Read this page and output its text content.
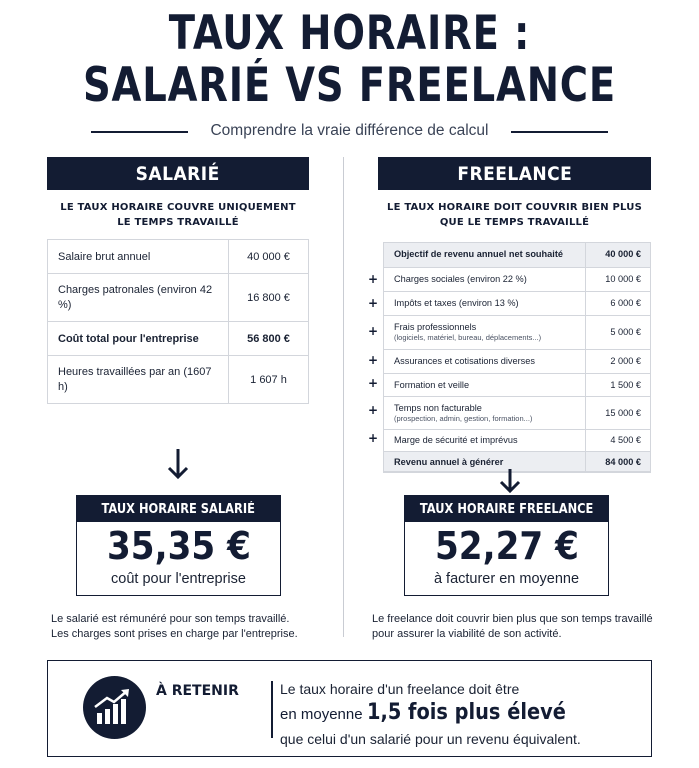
TAUX HORAIRE :
SALARIÉ VS FREELANCE
Comprendre la vraie différence de calcul
SALARIÉ
LE TAUX HORAIRE COUVRE UNIQUEMENT
LE TEMPS TRAVAILLÉ
Salaire brut annuel	40 000 €
Charges patronales (environ 42 %)	16 800 €
Coût total pour l'entreprise	56 800 €
Heures travaillées par an (1607 h)	1 607 h
TAUX HORAIRE SALARIÉ
35,35 €
coût pour l'entreprise
Le salarié est rémunéré pour son temps travaillé.
Les charges sont prises en charge par l'entreprise.
FREELANCE
LE TAUX HORAIRE DOIT COUVRIR BIEN PLUS
QUE LE TEMPS TRAVAILLÉ
Objectif de revenu annuel net souhaité	40 000 €
Charges sociales (environ 22 %)	10 000 €
Impôts et taxes (environ 13 %)	6 000 €
Frais professionnels
(logiciels, matériel, bureau, déplacements...)	5 000 €
Assurances et cotisations diverses	2 000 €
Formation et veille	1 500 €
Temps non facturable
(prospection, admin, gestion, formation...)	15 000 €
Marge de sécurité et imprévus	4 500 €
Revenu annuel à générer	84 000 €
+
+
+
+
+
+
+
TAUX HORAIRE FREELANCE
52,27 €
à facturer en moyenne
Le freelance doit couvrir bien plus que son temps travaillé
pour assurer la viabilité de son activité.
À RETENIR	Le taux horaire d'un freelance doit être
en moyenne 1,5 fois plus élevé
que celui d'un salarié pour un revenu équivalent.
